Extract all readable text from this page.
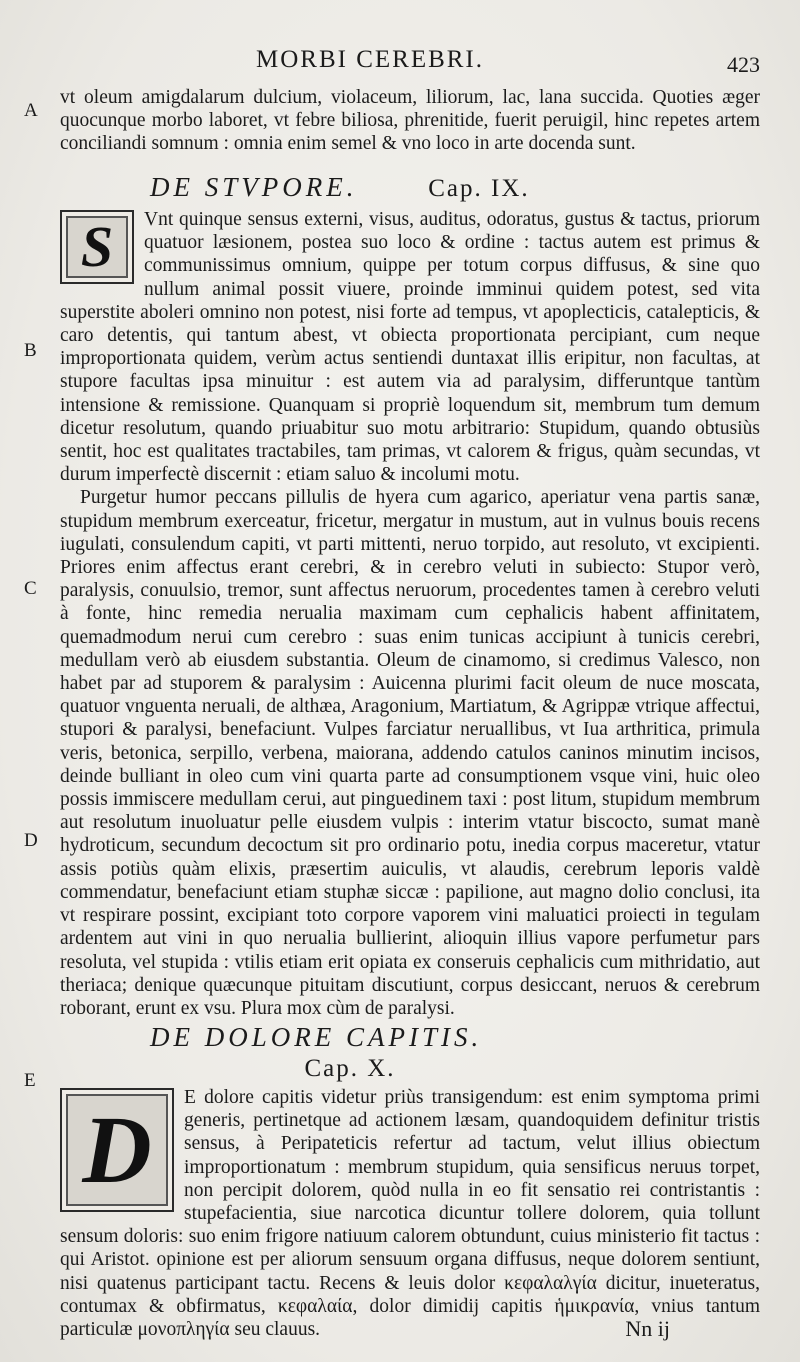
MORBI CEREBRI.	423
A
B
C
D
E

vt oleum amigdalarum dulcium, violaceum, liliorum, lac, lana succida. Quoties æger quocunque morbo laboret, vt febre biliosa, phrenitide, fuerit peruigil, hinc repetes artem conciliandi somnum : omnia enim semel & vno loco in arte docenda sunt.

DE STVPORE.	Cap. IX.
S	Vnt quinque sensus externi, visus, auditus, odoratus, gustus & tactus, priorum quatuor læsionem, postea suo loco & ordine : tactus autem est primus & communissimus omnium, quippe per totum corpus diffusus, & sine quo nullum animal possit viuere, proinde imminui quidem potest, sed vita superstite aboleri omnino non potest, nisi forte ad tempus, vt apoplecticis, catalepticis, & caro detentis, qui tantum abest, vt obiecta proportionata percipiant, cum neque improportionata quidem, verùm actus sentiendi duntaxat illis eripitur, non facultas, at stupore facultas ipsa minuitur : est autem via ad paralysim, differuntque tantùm intensione & remissione. Quanquam si propriè loquendum sit, membrum tum demum dicetur resolutum, quando priuabitur suo motu arbitrario: Stupidum, quando obtusiùs sentit, hoc est qualitates tractabiles, tam primas, vt calorem & frigus, quàm secundas, vt durum imperfectè discernit : etiam saluo & incolumi motu.

Purgetur humor peccans pillulis de hyera cum agarico, aperiatur vena partis sanæ, stupidum membrum exerceatur, fricetur, mergatur in mustum, aut in vulnus bouis recens iugulati, consulendum capiti, vt parti mittenti, neruo torpido, aut resoluto, vt excipienti. Priores enim affectus erant cerebri, & in cerebro veluti in subiecto: Stupor verò, paralysis, conuulsio, tremor, sunt affectus neruorum, procedentes tamen à cerebro veluti à fonte, hinc remedia nerualia maximam cum cephalicis habent affinitatem, quemadmodum nerui cum cerebro : suas enim tunicas accipiunt à tunicis cerebri, medullam verò ab eiusdem substantia. Oleum de cinamomo, si credimus Valesco, non habet par ad stuporem & paralysim : Auicenna plurimi facit oleum de nuce moscata, quatuor vnguenta neruali, de althæa, Aragonium, Martiatum, & Agrippæ vtrique affectui, stupori & paralysi, benefaciunt. Vulpes farciatur neruallibus, vt Iua arthritica, primula veris, betonica, serpillo, verbena, maiorana, addendo catulos caninos minutim incisos, deinde bulliant in oleo cum vini quarta parte ad consumptionem vsque vini, huic oleo possis immiscere medullam cerui, aut pinguedinem taxi : post litum, stupidum membrum aut resolutum inuoluatur pelle eiusdem vulpis : interim vtatur biscocto, sumat manè hydroticum, secundum decoctum sit pro ordinario potu, inedia corpus maceretur, vtatur assis potiùs quàm elixis, præsertim auiculis, vt alaudis, cerebrum leporis valdè commendatur, benefaciunt etiam stuphæ siccæ : papilione, aut magno dolio conclusi, ita vt respirare possint, excipiant toto corpore vaporem vini maluatici proiecti in tegulam ardentem aut vini in quo nerualia bullierint, alioquin illius vapore perfumetur pars resoluta, vel stupida : vtilis etiam erit opiata ex conseruis cephalicis cum mithridatio, aut theriaca; denique quæcunque pituitam discutiunt, corpus desiccant, neruos & cerebrum roborant, erunt ex vsu. Plura mox cùm de paralysi.

DE DOLORE CAPITIS.
Cap. X.
D	E dolore capitis videtur priùs transigendum: est enim symptoma primi generis, pertinetque ad actionem læsam, quandoquidem definitur tristis sensus, à Peripateticis refertur ad tactum, velut illius obiectum improportionatum : membrum stupidum, quia sensificus neruus torpet, non percipit dolorem, quòd nulla in eo fit sensatio rei contristantis : stupefacientia, siue narcotica dicuntur tollere dolorem, quia tollunt sensum doloris: suo enim frigore natiuum calorem obtundunt, cuius ministerio fit tactus : qui Aristot. opinione est per aliorum sensuum organa diffusus, neque dolorem sentiunt, nisi quatenus participant tactu. Recens & leuis dolor κεφαλαλγία dicitur, inueteratus, contumax & obfirmatus, κεφαλαία, dolor dimidij capitis ἡμικρανία, vnius tantum particulæ μονοπληγία seu clauus.	Nn ij
